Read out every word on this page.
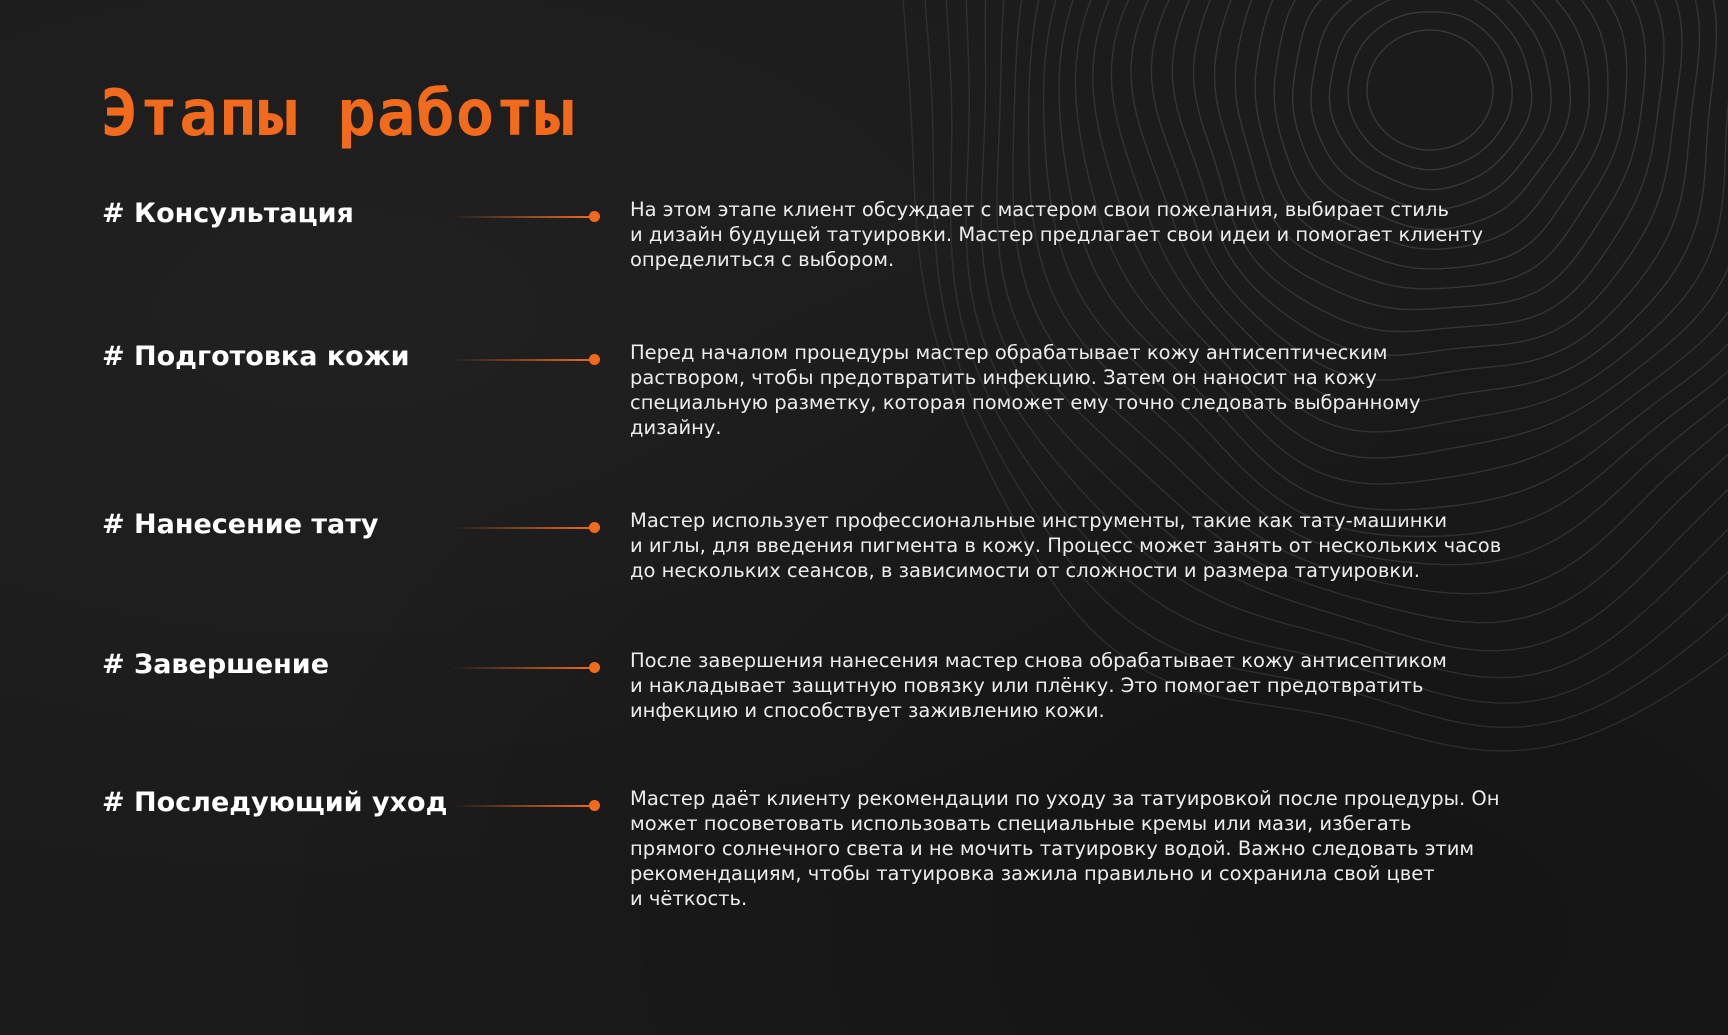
Этапы работы
# Консультация	На этом этапе клиент обсуждает с мастером свои пожелания, выбирает стиль
и дизайн будущей татуировки. Мастер предлагает свои идеи и помогает клиенту
определиться с выбором.

# Подготовка кожи	Перед началом процедуры мастер обрабатывает кожу антисептическим
раствором, чтобы предотвратить инфекцию. Затем он наносит на кожу
специальную разметку, которая поможет ему точно следовать выбранному
дизайну.

# Нанесение тату	Мастер использует профессиональные инструменты, такие как тату-машинки
и иглы, для введения пигмента в кожу. Процесс может занять от нескольких часов
до нескольких сеансов, в зависимости от сложности и размера татуировки.

# Завершение	После завершения нанесения мастер снова обрабатывает кожу антисептиком
и накладывает защитную повязку или плёнку. Это помогает предотвратить
инфекцию и способствует заживлению кожи.

# Последующий уход	Мастер даёт клиенту рекомендации по уходу за татуировкой после процедуры. Он
может посоветовать использовать специальные кремы или мази, избегать
прямого солнечного света и не мочить татуировку водой. Важно следовать этим
рекомендациям, чтобы татуировка зажила правильно и сохранила свой цвет
и чёткость.
